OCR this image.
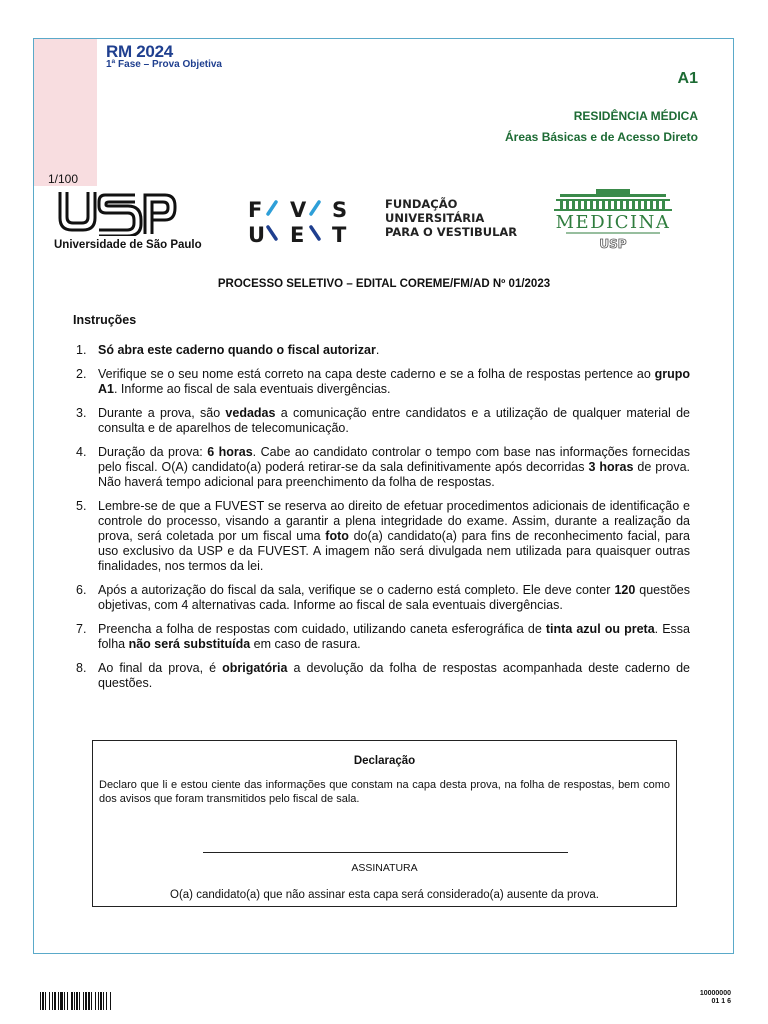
RM 2024
1ª Fase – Prova Objetiva
A1
RESIDÊNCIA MÉDICA
Áreas Básicas e de Acesso Direto
1/100
Universidade de São Paulo
F V S
U E T
FUNDAÇÃO
UNIVERSITÁRIA
PARA O VESTIBULAR MEDICINA
USP
PROCESSO SELETIVO – EDITAL COREME/FM/AD Nº 01/2023
Instruções
1. Só abra este caderno quando o fiscal autorizar.
2. Verifique se o seu nome está correto na capa deste caderno e se a folha de respostas pertence ao grupo A1. Informe ao fiscal de sala eventuais divergências.
3. Durante a prova, são vedadas a comunicação entre candidatos e a utilização de qualquer material de consulta e de aparelhos de telecomunicação.
4. Duração da prova: 6 horas. Cabe ao candidato controlar o tempo com base nas informações fornecidas pelo fiscal. O(A) candidato(a) poderá retirar-se da sala definitivamente após decorridas 3 horas de prova. Não haverá tempo adicional para preenchimento da folha de respostas.
5. Lembre-se de que a FUVEST se reserva ao direito de efetuar procedimentos adicionais de identificação e controle do processo, visando a garantir a plena integridade do exame. Assim, durante a realização da prova, será coletada por um fiscal uma foto do(a) candidato(a) para fins de reconhecimento facial, para uso exclusivo da USP e da FUVEST. A imagem não será divulgada nem utilizada para quaisquer outras finalidades, nos termos da lei.
6. Após a autorização do fiscal da sala, verifique se o caderno está completo. Ele deve conter 120 questões objetivas, com 4 alternativas cada. Informe ao fiscal de sala eventuais divergências.
7. Preencha a folha de respostas com cuidado, utilizando caneta esferográfica de tinta azul ou preta. Essa folha não será substituída em caso de rasura.
8. Ao final da prova, é obrigatória a devolução da folha de respostas acompanhada deste caderno de questões.
Declaração
Declaro que li e estou ciente das informações que constam na capa desta prova, na folha de respostas, bem como dos avisos que foram transmitidos pelo fiscal de sala.
ASSINATURA
O(a) candidato(a) que não assinar esta capa será considerado(a) ausente da prova.
10000000
01 1 6
